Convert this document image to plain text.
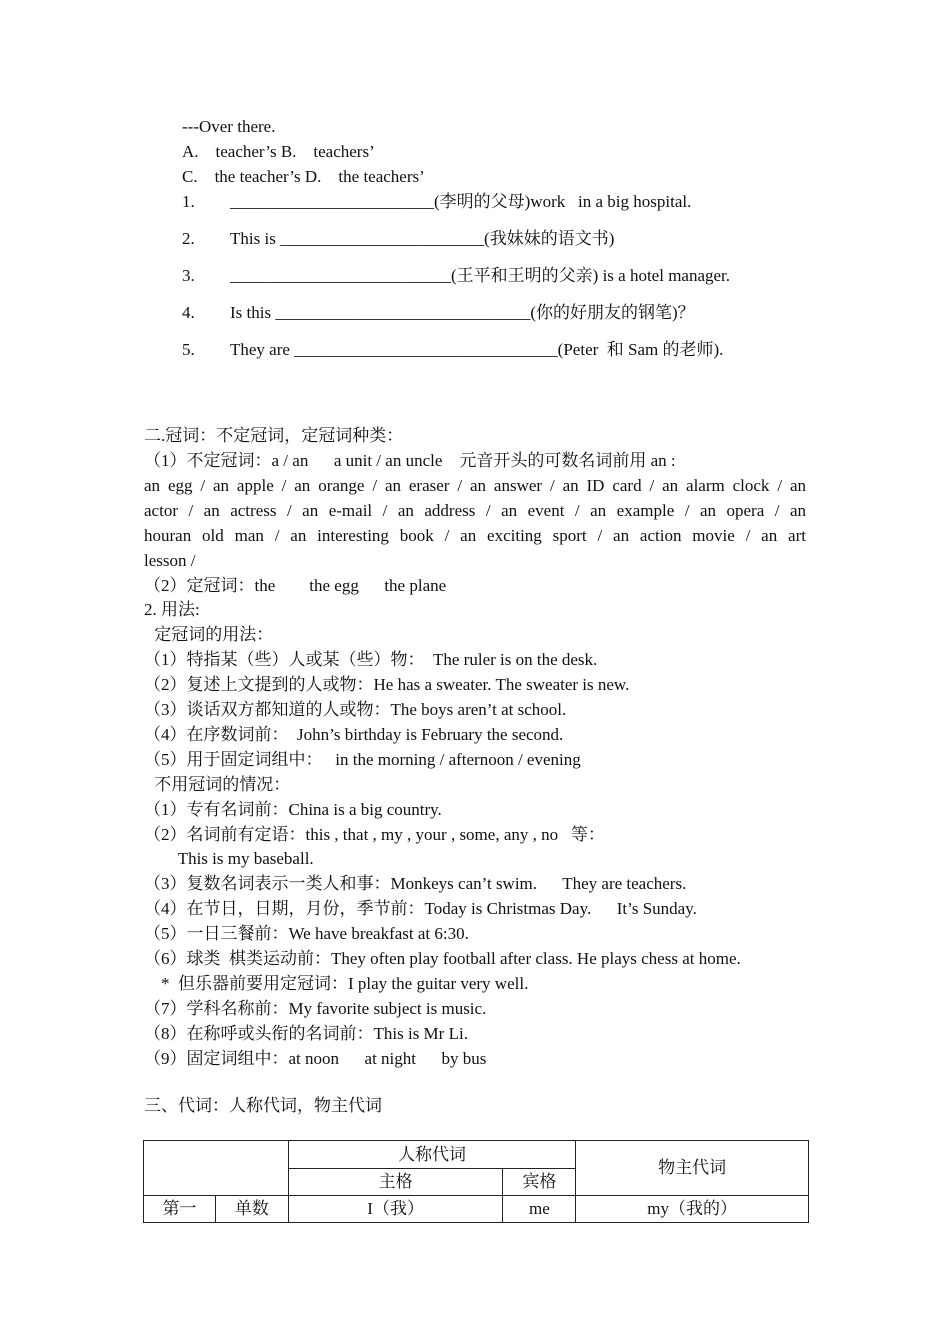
---Over there.
A.    teacher’s B.    teachers’
C.    the teacher’s D.    the teachers’
1. ________________________(李明的父母)work   in a big hospital.
2. This is ________________________(我妹妹的语文书)
3. __________________________(王平和王明的父亲) is a hotel manager.
4. Is this ______________________________(你的好朋友的钢笔)？
5. They are _______________________________(Peter  和 Sam 的老师).
二.冠词：不定冠词，定冠词种类：
（1）不定冠词：a / an      a unit / an uncle    元音开头的可数名词前用 an :
an egg / an apple / an orange / an eraser / an answer / an ID card / an alarm clock / an
actor / an actress / an e-mail / an address / an event / an example / an opera / an
houran old man / an interesting book / an exciting sport / an action movie / an art
lesson /
（2）定冠词：the        the egg      the plane
2. 用法:
定冠词的用法：
（1）特指某（些）人或某（些）物：  The ruler is on the desk.
（2）复述上文提到的人或物：He has a sweater. The sweater is new.
（3）谈话双方都知道的人或物：The boys aren’t at school.
（4）在序数词前：  John’s birthday is February the second.
（5）用于固定词组中：   in the morning / afternoon / evening
不用冠词的情况：
（1）专有名词前：China is a big country.
（2）名词前有定语：this , that , my , your , some, any , no   等：
This is my baseball.
（3）复数名词表示一类人和事：Monkeys can’t swim.      They are teachers.
（4）在节日，日期，月份，季节前：Today is Christmas Day.      It’s Sunday.
（5）一日三餐前：We have breakfast at 6:30.
（6）球类  棋类运动前：They often play football after class. He plays chess at home.
*  但乐器前要用定冠词：I play the guitar very well.
（7）学科名称前：My favorite subject is music.
（8）在称呼或头衔的名词前：This is Mr Li.
（9）固定词组中：at noon      at night      by bus
三、代词：人称代词，物主代词
		人称代词		物主代词
		主格	宾格	
第一	单数	I（我）	me	my（我的）
